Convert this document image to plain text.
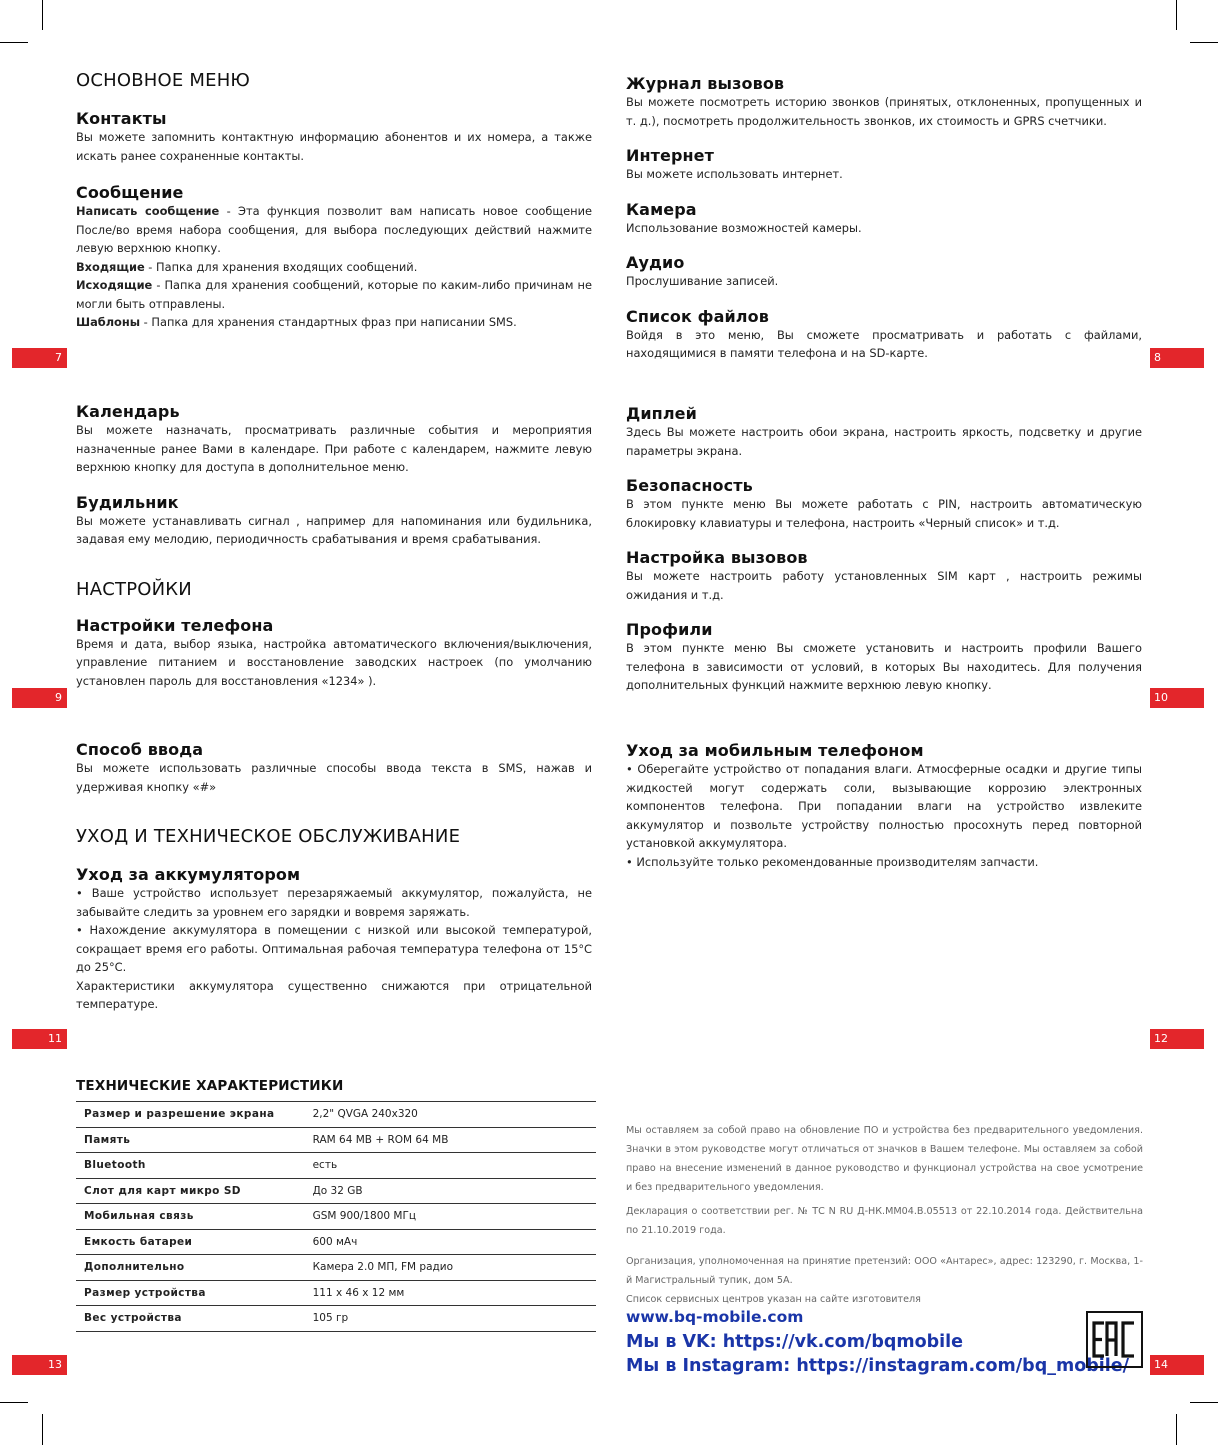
7	8
9	10
11	12
13	14
ОСНОВНОЕ МЕНЮ
Контакты

Вы можете запомнить контактную информацию абонентов и их номера, а также искать ранее сохраненные контакты.

Сообщение

Написать сообщение - Эта функция позволит вам написать новое сообщение После/во время набора сообщения, для выбора последующих действий нажмите левую верхнюю кнопку.

Входящие - Папка для хранения входящих сообщений.

Исходящие - Папка для хранения сообщений, которые по каким-либо причинам не могли быть отправлены.

Шаблоны - Папка для хранения стандартных фраз при написании SMS.

Журнал вызовов

Вы можете посмотреть историю звонков (принятых, отклоненных, пропущенных и т. д.), посмотреть продолжительность звонков, их стоимость и GPRS счетчики.

Интернет

Вы можете использовать интернет.

Камера

Использование возможностей камеры.

Аудио

Прослушивание записей.

Список файлов

Войдя в это меню, Вы сможете просматривать и работать с файлами, находящимися в памяти телефона и на SD-карте.

Календарь

Вы можете назначать, просматривать различные события и мероприятия назначенные ранее Вами в календаре. При работе с календарем, нажмите левую верхнюю кнопку для доступа в дополнительное меню.

Будильник

Вы можете устанавливать сигнал , например для напоминания или будильника, задавая ему мелодию, периодичность срабатывания и время срабатывания.

НАСТРОЙКИ
Настройки телефона

Время и дата, выбор языка, настройка автоматического включения/выключения, управление питанием и восстановление заводских настроек (по умолчанию установлен пароль для восстановления «1234» ).

Диплей

Здесь Вы можете настроить обои экрана, настроить яркость, подсветку и другие параметры экрана.

Безопасность

В этом пункте меню Вы можете работать с PIN, настроить автоматическую блокировку клавиатуры и телефона, настроить «Черный список» и т.д.

Настройка вызовов

Вы можете настроить работу установленных SIM карт , настроить режимы ожидания и т.д.

Профили

В этом пункте меню Вы сможете установить и настроить профили Вашего телефона в зависимости от условий, в которых Вы находитесь. Для получения дополнительных функций нажмите верхнюю левую кнопку.

Способ ввода

Вы можете использовать различные способы ввода текста в SMS, нажав и удерживая кнопку «#»

УХОД И ТЕХНИЧЕСКОЕ ОБСЛУЖИВАНИЕ
Уход за аккумулятором

• Ваше устройство использует перезаряжаемый аккумулятор, пожалуйста, не забывайте следить за уровнем его зарядки и вовремя заряжать.

• Нахождение аккумулятора в помещении с низкой или высокой температурой, сокращает время его работы. Оптимальная рабочая температура телефона от 15°С до 25°С.

Характеристики аккумулятора существенно снижаются при отрицательной температуре.

Уход за мобильным телефоном

• Оберегайте устройство от попадания влаги. Атмосферные осадки и другие типы жидкостей могут содержать соли, вызывающие коррозию электронных компонентов телефона. При попадании влаги на устройство извлеките аккумулятор и позвольте устройству полностью просохнуть перед повторной установкой аккумулятора.

• Используйте только рекомендованные производителям запчасти.

ТЕХНИЧЕСКИЕ ХАРАКТЕРИСТИКИ
Размер и разрешение экрана	2,2" QVGA 240x320
Память	RAM 64 MB + ROM 64 MB
Bluetooth	есть
Слот для карт микро SD	До 32 GB
Мобильная связь	GSM 900/1800 МГц
Емкость батареи	600 мАч
Дополнительно	Камера 2.0 МП, FM радио
Размер устройства	111 х 46 х 12 мм
Вес устройства	105 гр

Мы оставляем за собой право на обновление ПО и устройства без предварительного уведомления. Значки в этом руководстве могут отличаться от значков в Вашем телефоне. Мы оставляем за собой право на внесение изменений в данное руководство и функционал устройства на свое усмотрение и без предварительного уведомления.

Декларация о соответствии рег. № ТС N RU Д-НК.ММ04.В.05513 от 22.10.2014 года. Действительна по 21.10.2019 года.

Организация, уполномоченная на принятие претензий: ООО «Антарес», адрес: 123290, г. Москва, 1-й Магистральный тупик, дом 5А.

Список сервисных центров указан на сайте изготовителя

www.bq-mobile.com

Мы в VK: https://vk.com/bqmobile

Мы в Instagram: https://instagram.com/bq_mobile/
